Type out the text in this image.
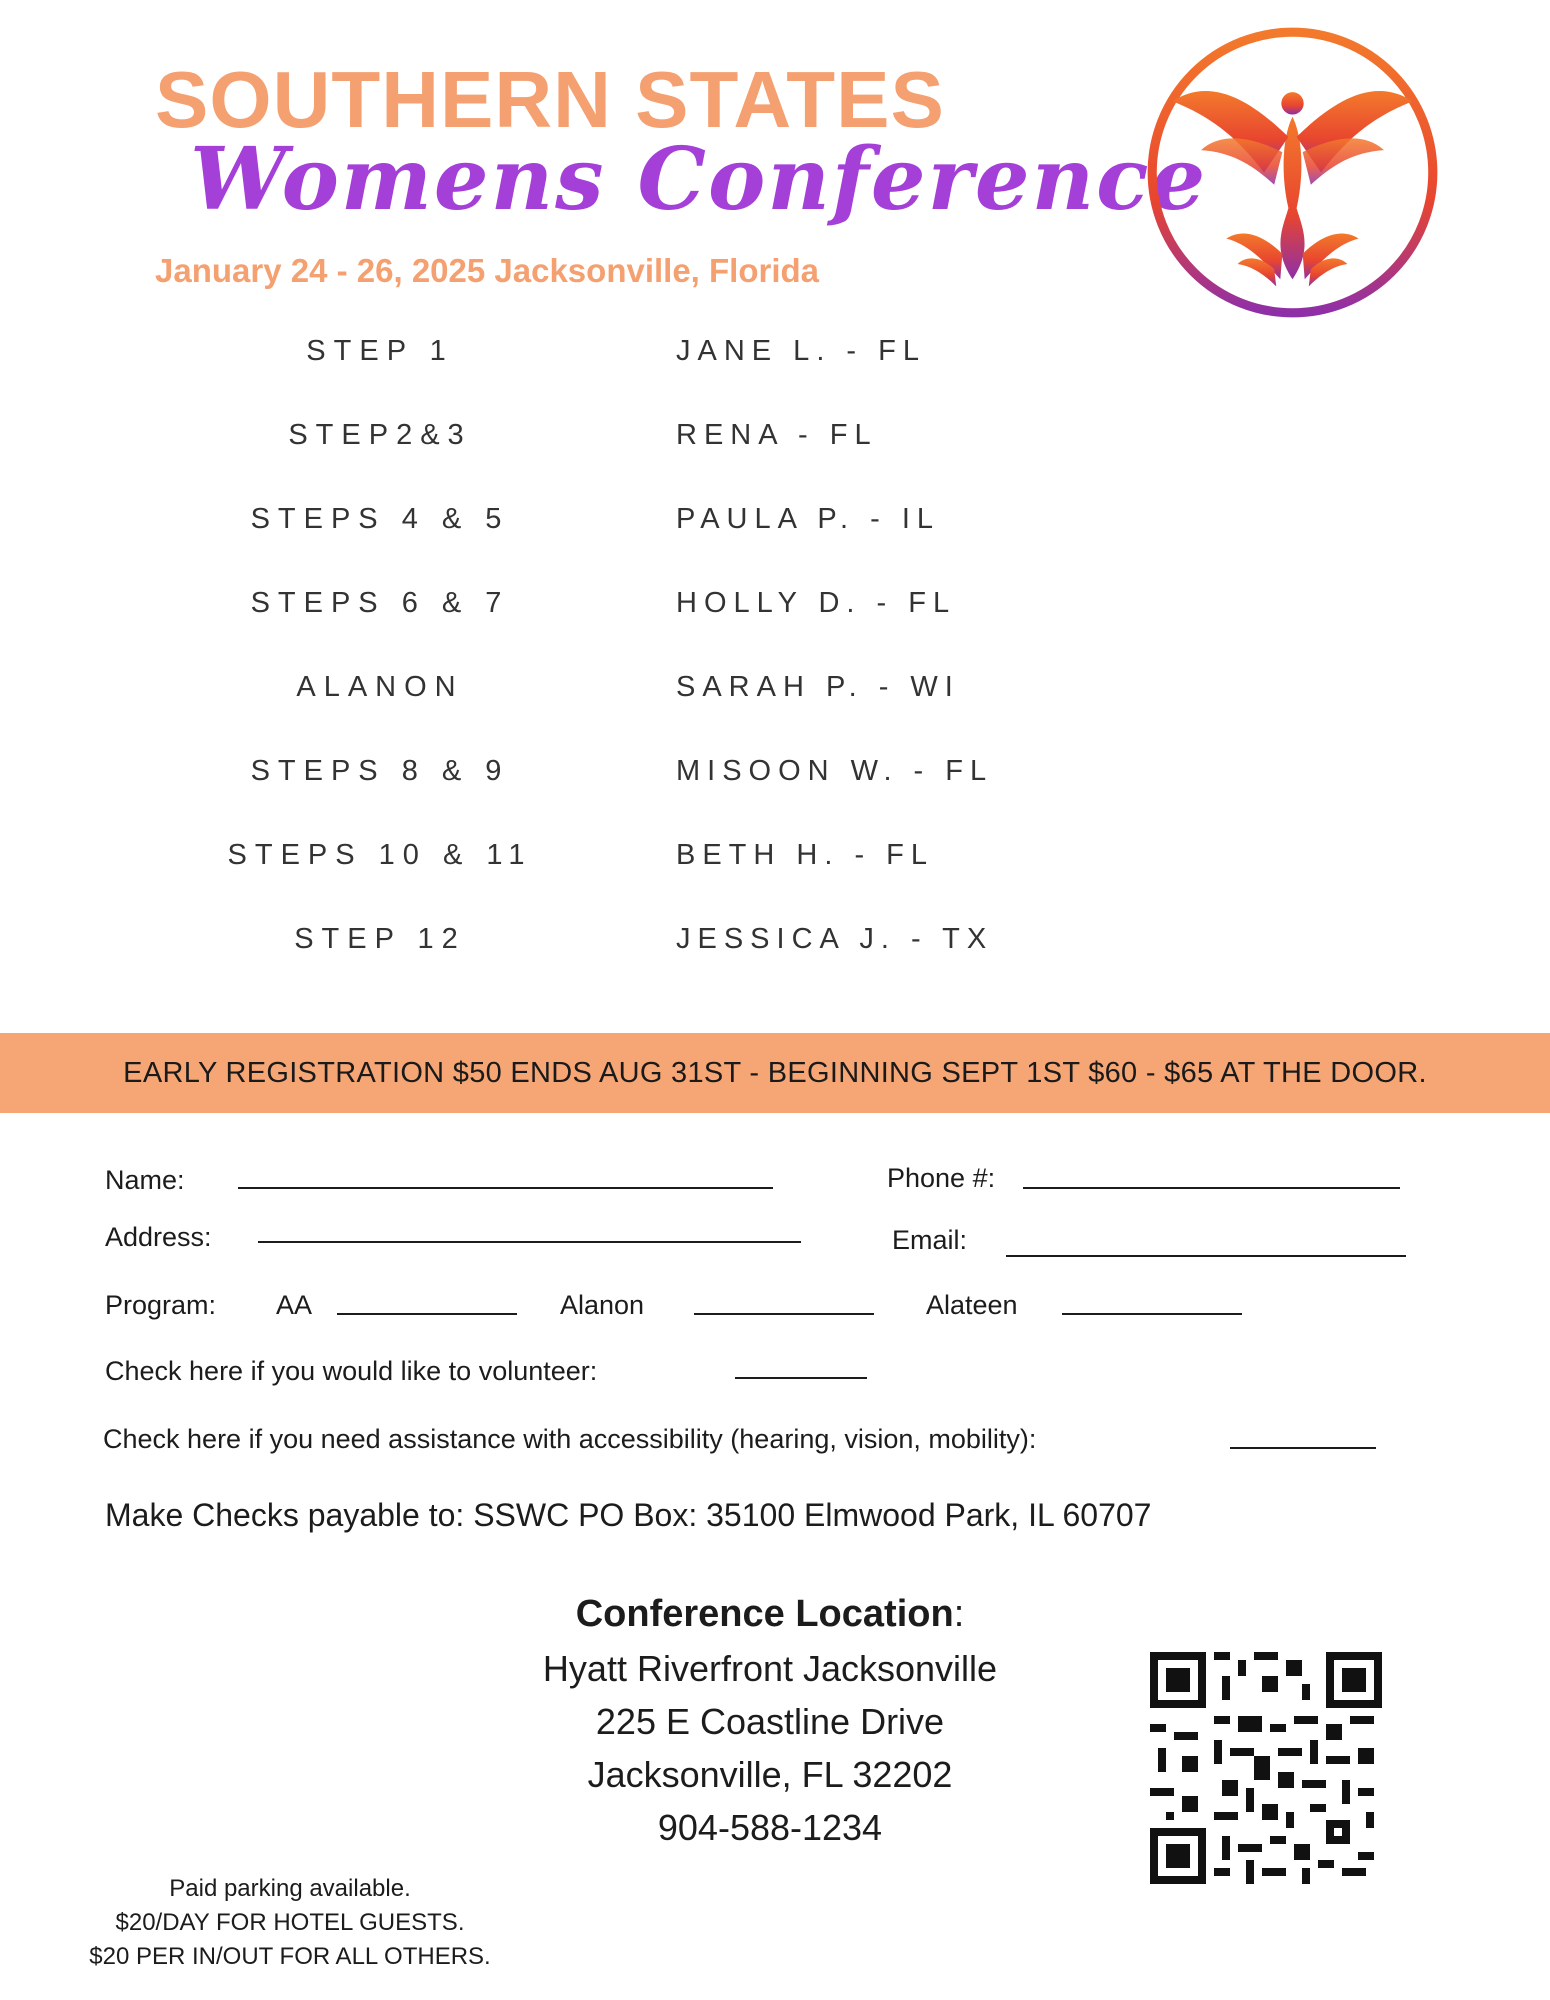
SOUTHERN STATES
Womens Conference
January 24 - 26, 2025 Jacksonville, Florida
STEP 1	JANE L. - FL
STEP2&3	RENA - FL
STEPS 4 & 5	PAULA P. - IL
STEPS 6 & 7	HOLLY D. - FL
ALANON	SARAH P. - WI
STEPS 8 & 9	MISOON W. - FL
STEPS 10 & 11	BETH H. - FL
STEP 12	JESSICA J. - TX
EARLY REGISTRATION $50 ENDS AUG 31ST - BEGINNING SEPT 1ST $60 - $65 AT THE DOOR.
Name:	Phone #:
Address:	Email:
Program: AA	Alanon	Alateen
Check here if you would like to volunteer:
Check here if you need assistance with accessibility (hearing, vision, mobility):
Make Checks payable to: SSWC PO Box: 35100 Elmwood Park, IL 60707
Conference Location:
Hyatt Riverfront Jacksonville
225 E Coastline Drive
Jacksonville, FL 32202
904-588-1234
Paid parking available.
$20/DAY FOR HOTEL GUESTS.
$20 PER IN/OUT FOR ALL OTHERS.
